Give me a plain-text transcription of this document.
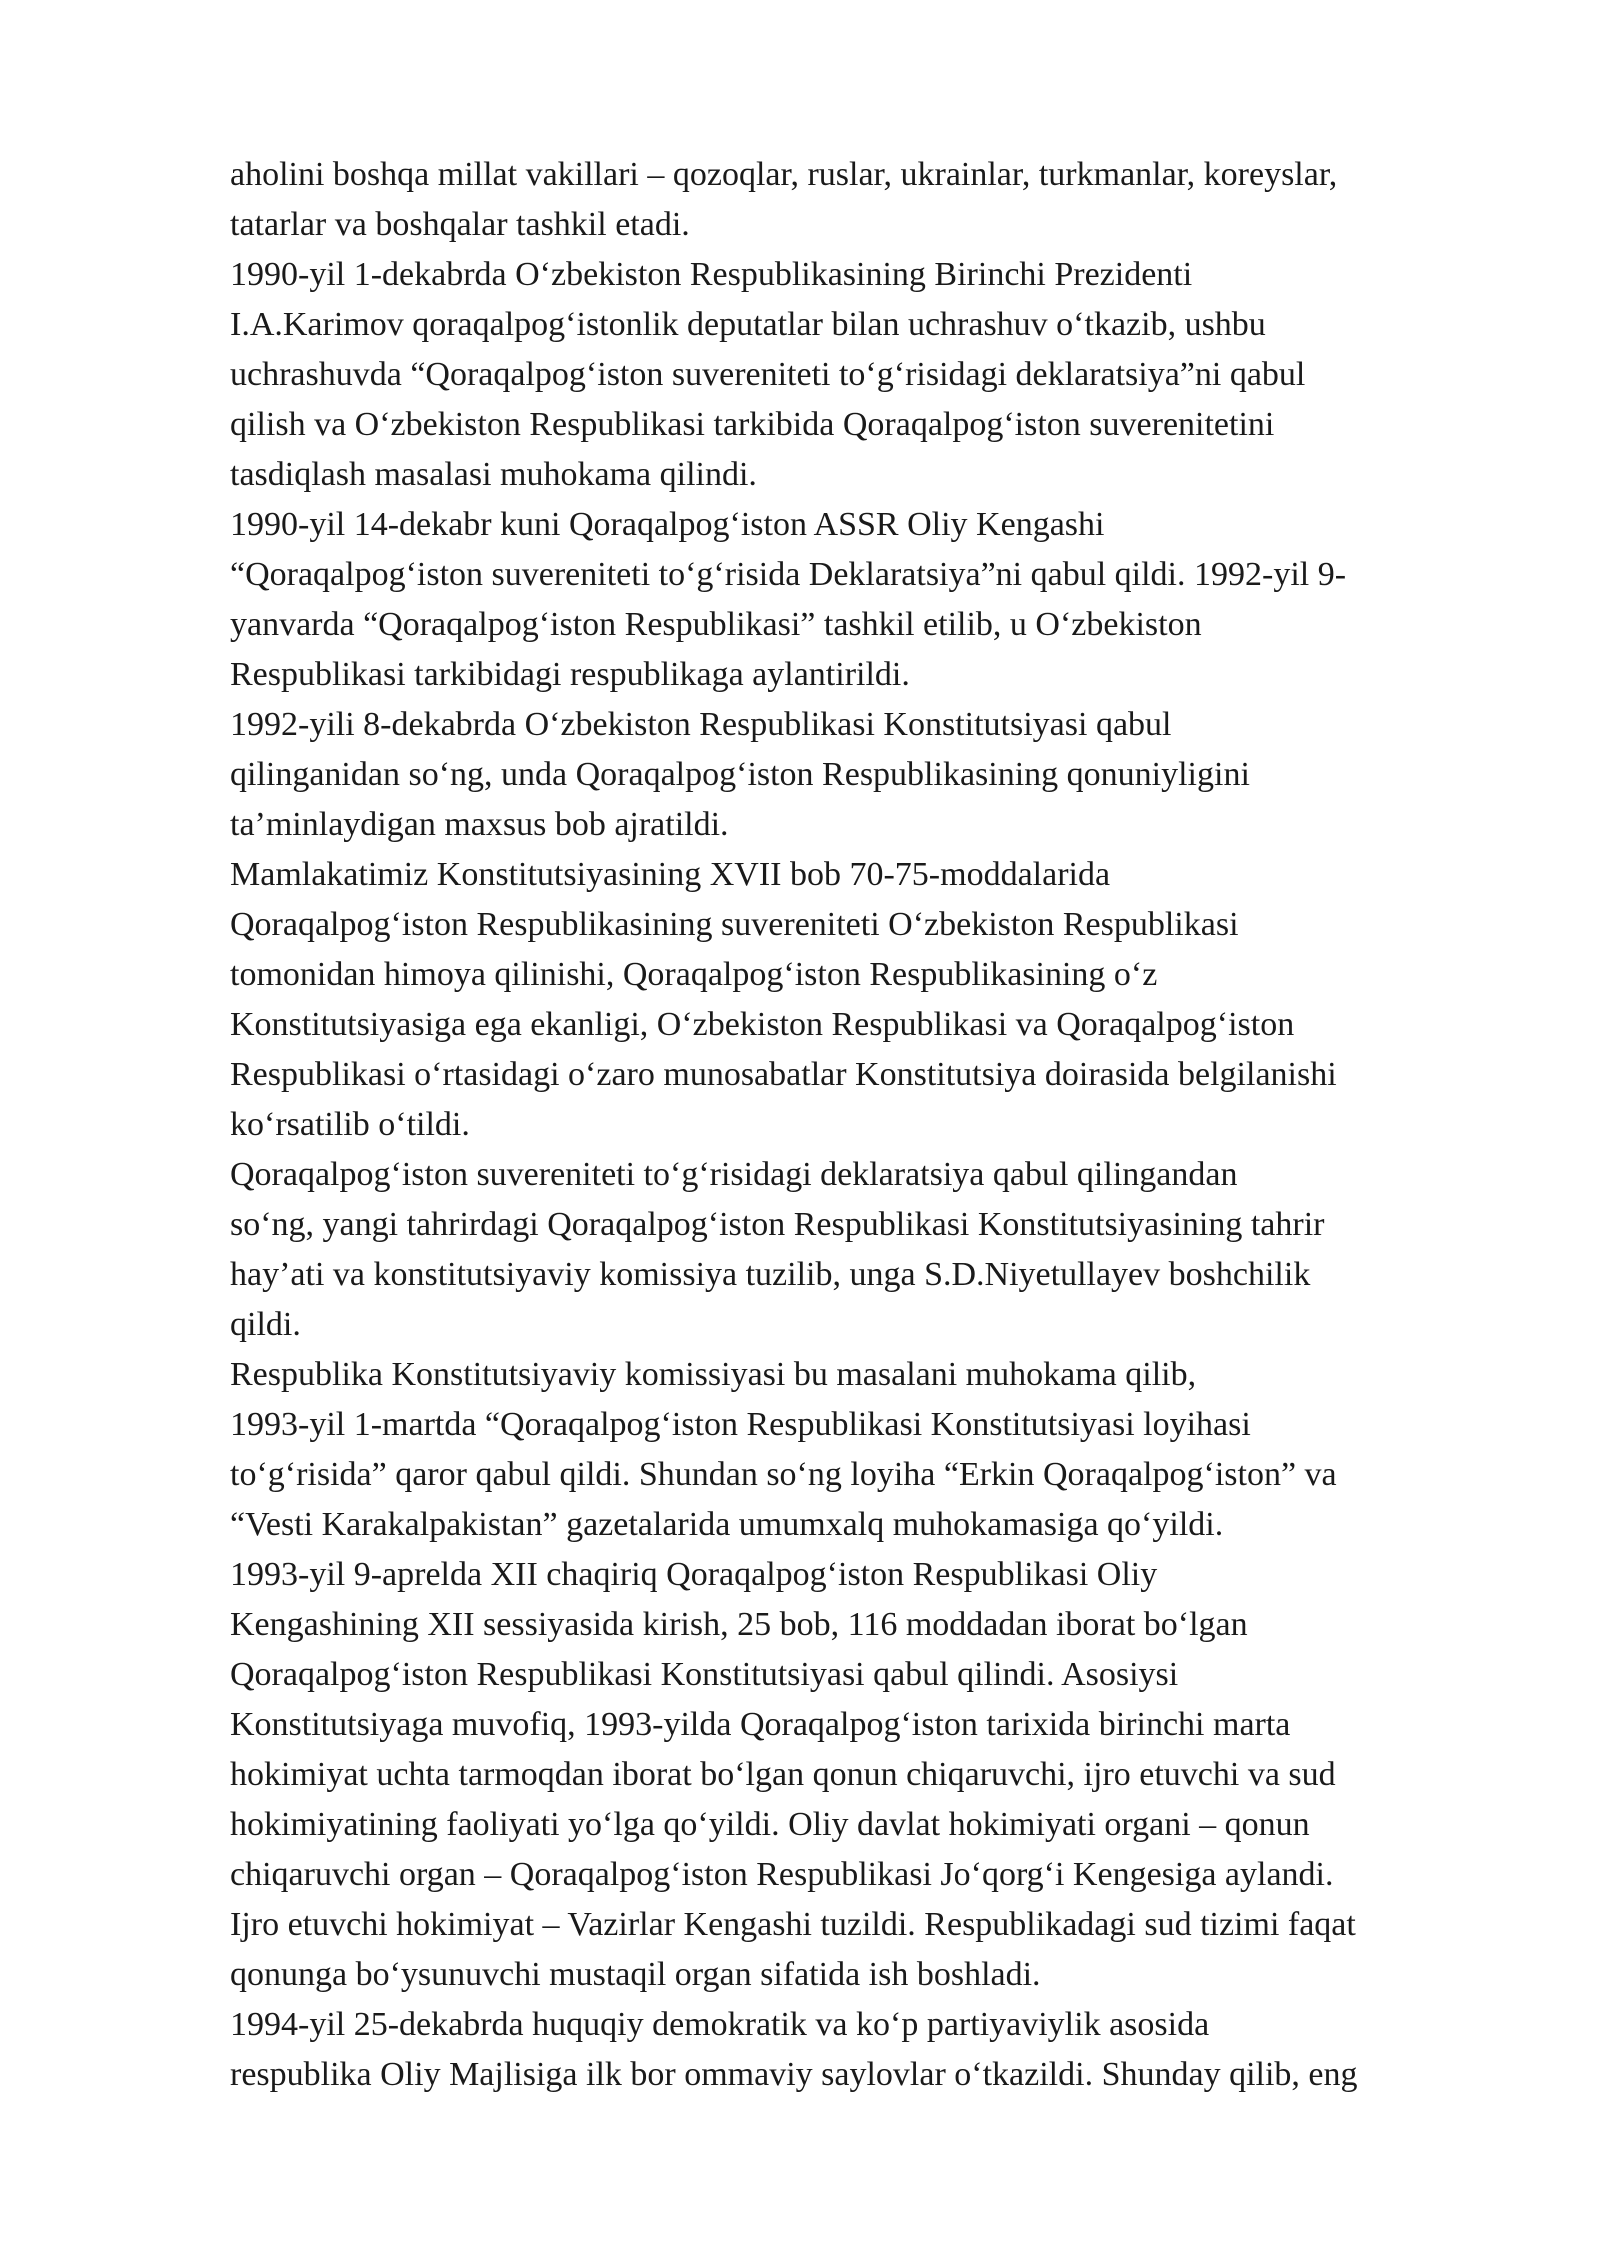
aholini boshqa millat vakillari – qozoqlar, ruslar, ukrainlar, turkmanlar, koreyslar,
tatarlar va boshqalar tashkil etadi.
1990-yil 1-dekabrda O‘zbekiston Respublikasining Birinchi Prezidenti
I.A.Karimov qoraqalpog‘istonlik deputatlar bilan uchrashuv o‘tkazib, ushbu
uchrashuvda “Qoraqalpog‘iston suvereniteti to‘g‘risidagi deklaratsiya”ni qabul
qilish va O‘zbekiston Respublikasi tarkibida Qoraqalpog‘iston suverenitetini
tasdiqlash masalasi muhokama qilindi.
1990-yil 14-dekabr kuni Qoraqalpog‘iston ASSR Oliy Kengashi
“Qoraqalpog‘iston suvereniteti to‘g‘risida Deklaratsiya”ni qabul qildi. 1992-yil 9-
yanvarda “Qoraqalpog‘iston Respublikasi” tashkil etilib, u O‘zbekiston
Respublikasi tarkibidagi respublikaga aylantirildi.
1992-yili 8-dekabrda O‘zbekiston Respublikasi Konstitutsiyasi qabul
qilinganidan so‘ng, unda Qoraqalpog‘iston Respublikasining qonuniyligini
ta’minlaydigan maxsus bob ajratildi.
Mamlakatimiz Konstitutsiyasining XVII bob 70-75-moddalarida
Qoraqalpog‘iston Respublikasining suvereniteti O‘zbekiston Respublikasi
tomonidan himoya qilinishi, Qoraqalpog‘iston Respublikasining o‘z
Konstitutsiyasiga ega ekanligi, O‘zbekiston Respublikasi va Qoraqalpog‘iston
Respublikasi o‘rtasidagi o‘zaro munosabatlar Konstitutsiya doirasida belgilanishi
ko‘rsatilib o‘tildi.
Qoraqalpog‘iston suvereniteti to‘g‘risidagi deklaratsiya qabul qilingandan
so‘ng, yangi tahrirdagi Qoraqalpog‘iston Respublikasi Konstitutsiyasining tahrir
hay’ati va konstitutsiyaviy komissiya tuzilib, unga S.D.Niyetullayev boshchilik
qildi.
Respublika Konstitutsiyaviy komissiyasi bu masalani muhokama qilib,
1993-yil 1-martda “Qoraqalpog‘iston Respublikasi Konstitutsiyasi loyihasi
to‘g‘risida” qaror qabul qildi. Shundan so‘ng loyiha “Erkin Qoraqalpog‘iston” va
“Vesti Karakalpakistan” gazetalarida umumxalq muhokamasiga qo‘yildi.
1993-yil 9-aprelda XII chaqiriq Qoraqalpog‘iston Respublikasi Oliy
Kengashining XII sessiyasida kirish, 25 bob, 116 moddadan iborat bo‘lgan
Qoraqalpog‘iston Respublikasi Konstitutsiyasi qabul qilindi. Asosiysi
Konstitutsiyaga muvofiq, 1993-yilda Qoraqalpog‘iston tarixida birinchi marta
hokimiyat uchta tarmoqdan iborat bo‘lgan qonun chiqaruvchi, ijro etuvchi va sud
hokimiyatining faoliyati yo‘lga qo‘yildi. Oliy davlat hokimiyati organi – qonun
chiqaruvchi organ – Qoraqalpog‘iston Respublikasi Jo‘qorg‘i Kengesiga aylandi.
Ijro etuvchi hokimiyat – Vazirlar Kengashi tuzildi. Respublikadagi sud tizimi faqat
qonunga bo‘ysunuvchi mustaqil organ sifatida ish boshladi.
1994-yil 25-dekabrda huquqiy demokratik va ko‘p partiyaviylik asosida
respublika Oliy Majlisiga ilk bor ommaviy saylovlar o‘tkazildi. Shunday qilib, eng
